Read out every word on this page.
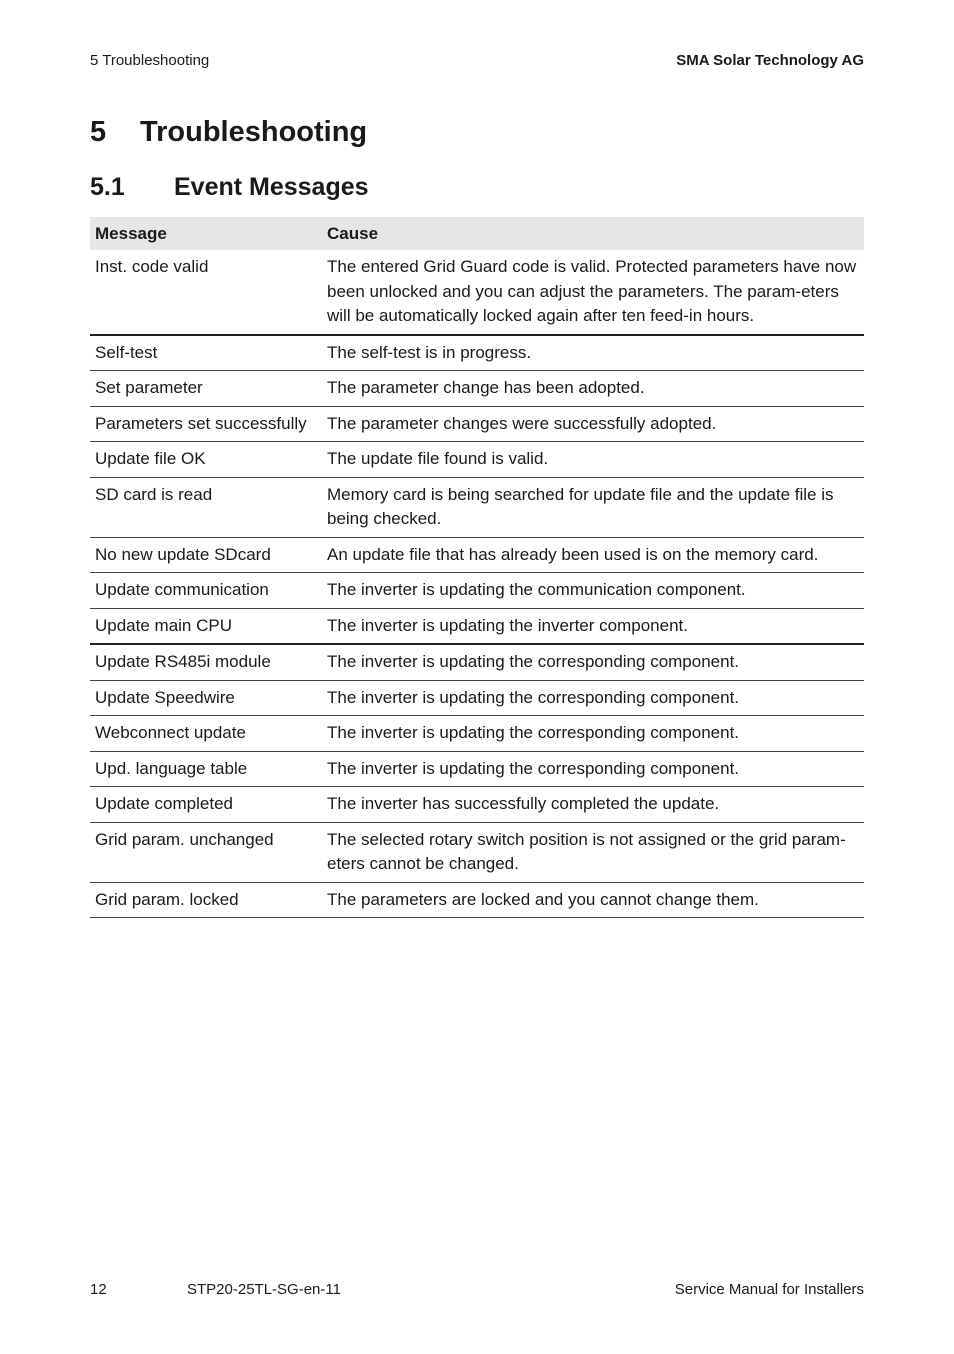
5 Troubleshooting	SMA Solar Technology AG
5 Troubleshooting
5.1 Event Messages
Message	Cause
Inst. code valid	The entered Grid Guard code is valid. Protected parameters have now been unlocked and you can adjust the parameters. The param-eters will be automatically locked again after ten feed-in hours.
Self-test	The self-test is in progress.
Set parameter	The parameter change has been adopted.
Parameters set successfully	The parameter changes were successfully adopted.
Update file OK	The update file found is valid.
SD card is read	Memory card is being searched for update file and the update file is being checked.
No new update SDcard	An update file that has already been used is on the memory card.
Update communication	The inverter is updating the communication component.
Update main CPU	The inverter is updating the inverter component.
Update RS485i module	The inverter is updating the corresponding component.
Update Speedwire	The inverter is updating the corresponding component.
Webconnect update	The inverter is updating the corresponding component.
Upd. language table	The inverter is updating the corresponding component.
Update completed	The inverter has successfully completed the update.
Grid param. unchanged	The selected rotary switch position is not assigned or the grid param-eters cannot be changed.
Grid param. locked	The parameters are locked and you cannot change them.
12	STP20-25TL-SG-en-11	Service Manual for Installers
